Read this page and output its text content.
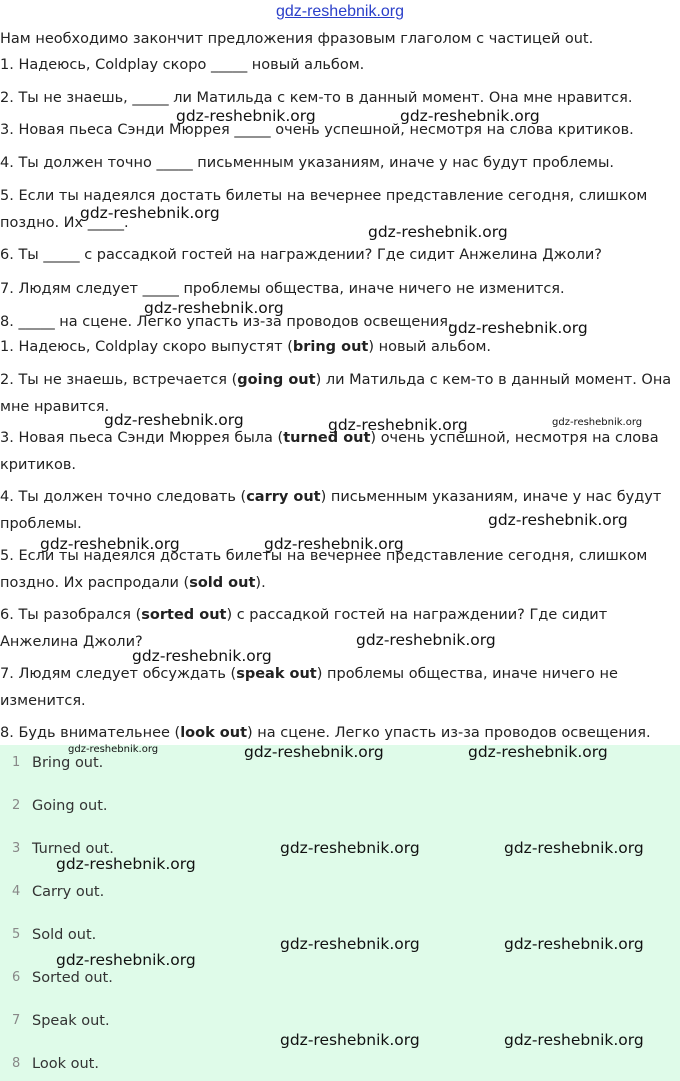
gdz-reshebnik.org

Нам необходимо закончит предложения фразовым глаголом с частицей out.

1. Надеюсь, Coldplay скоро _____ новый альбом.

2. Ты не знаешь, _____ ли Матильда с кем-то в данный момент. Она мне нравится.

3. Новая пьеса Сэнди Мюррея _____ очень успешной, несмотря на слова критиков.

4. Ты должен точно _____ письменным указаниям, иначе у нас будут проблемы.

5. Если ты надеялся достать билеты на вечернее представление сегодня, слишком поздно. Их _____.

6. Ты _____ с рассадкой гостей на награждении? Где сидит Анжелина Джоли?

7. Людям следует _____ проблемы общества, иначе ничего не изменится.

8. _____ на сцене. Легко упасть из-за проводов освещения.

1. Надеюсь, Coldplay скоро выпустят (bring out) новый альбом.

2. Ты не знаешь, встречается (going out) ли Матильда с кем-то в данный момент. Она мне нравится.

3. Новая пьеса Сэнди Мюррея была (turned out) очень успешной, несмотря на слова критиков.

4. Ты должен точно следовать (carry out) письменным указаниям, иначе у нас будут проблемы.

5. Если ты надеялся достать билеты на вечернее представление сегодня, слишком поздно. Их распродали (sold out).

6. Ты разобрался (sorted out) с рассадкой гостей на награждении? Где сидит Анжелина Джоли?

7. Людям следует обсуждать (speak out) проблемы общества, иначе ничего не изменится.

8. Будь внимательнее (look out) на сцене. Легко упасть из-за проводов освещения.

1 Bring out.
2 Going out.
3 Turned out.
4 Carry out.
5 Sold out.
6 Sorted out.
7 Speak out.
8 Look out.
gdz-reshebnik.org	gdz-reshebnik.org
gdz-reshebnik.org
gdz-reshebnik.org
gdz-reshebnik.org
gdz-reshebnik.org
gdz-reshebnik.org	gdz-reshebnik.org	gdz-reshebnik.org
gdz-reshebnik.org
gdz-reshebnik.org	gdz-reshebnik.org
gdz-reshebnik.org
gdz-reshebnik.org
gdz-reshebnik.org	gdz-reshebnik.org	gdz-reshebnik.org
gdz-reshebnik.org	gdz-reshebnik.org
gdz-reshebnik.org
gdz-reshebnik.org	gdz-reshebnik.org
gdz-reshebnik.org
gdz-reshebnik.org	gdz-reshebnik.org
